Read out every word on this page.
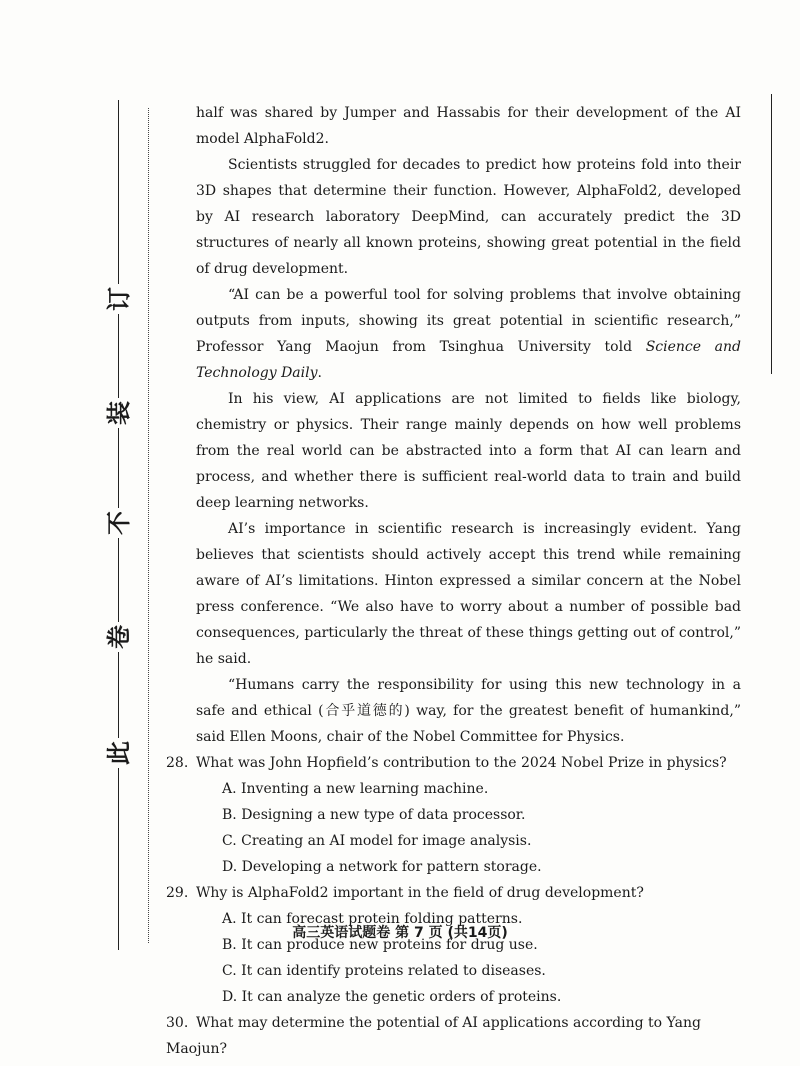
此
卷
不
装
订

half was shared by Jumper and Hassabis for their development of the AI model AlphaFold2.

Scientists struggled for decades to predict how proteins fold into their 3D shapes that determine their function. However, AlphaFold2, developed by AI research laboratory DeepMind, can accurately predict the 3D structures of nearly all known proteins, showing great potential in the field of drug development.

“AI can be a powerful tool for solving problems that involve obtaining outputs from inputs, showing its great potential in scientific research,” Professor Yang Maojun from Tsinghua University told Science and Technology Daily.

In his view, AI applications are not limited to fields like biology, chemistry or physics. Their range mainly depends on how well problems from the real world can be abstracted into a form that AI can learn and process, and whether there is sufficient real-world data to train and build deep learning networks.

AI’s importance in scientific research is increasingly evident. Yang believes that scientists should actively accept this trend while remaining aware of AI’s limitations. Hinton expressed a similar concern at the Nobel press conference. “We also have to worry about a number of possible bad consequences, particularly the threat of these things getting out of control,” he said.

“Humans carry the responsibility for using this new technology in a safe and ethical (合乎道德的) way, for the greatest benefit of humankind,” said Ellen Moons, chair of the Nobel Committee for Physics.

28. What was John Hopfield’s contribution to the 2024 Nobel Prize in physics?

A. Inventing a new learning machine.

B. Designing a new type of data processor.

C. Creating an AI model for image analysis.

D. Developing a network for pattern storage.

29. Why is AlphaFold2 important in the field of drug development?

A. It can forecast protein folding patterns.

B. It can produce new proteins for drug use.

C. It can identify proteins related to diseases.

D. It can analyze the genetic orders of proteins.

30. What may determine the potential of AI applications according to Yang Maojun?

高三英语试题卷 第 7 页 (共14页)
